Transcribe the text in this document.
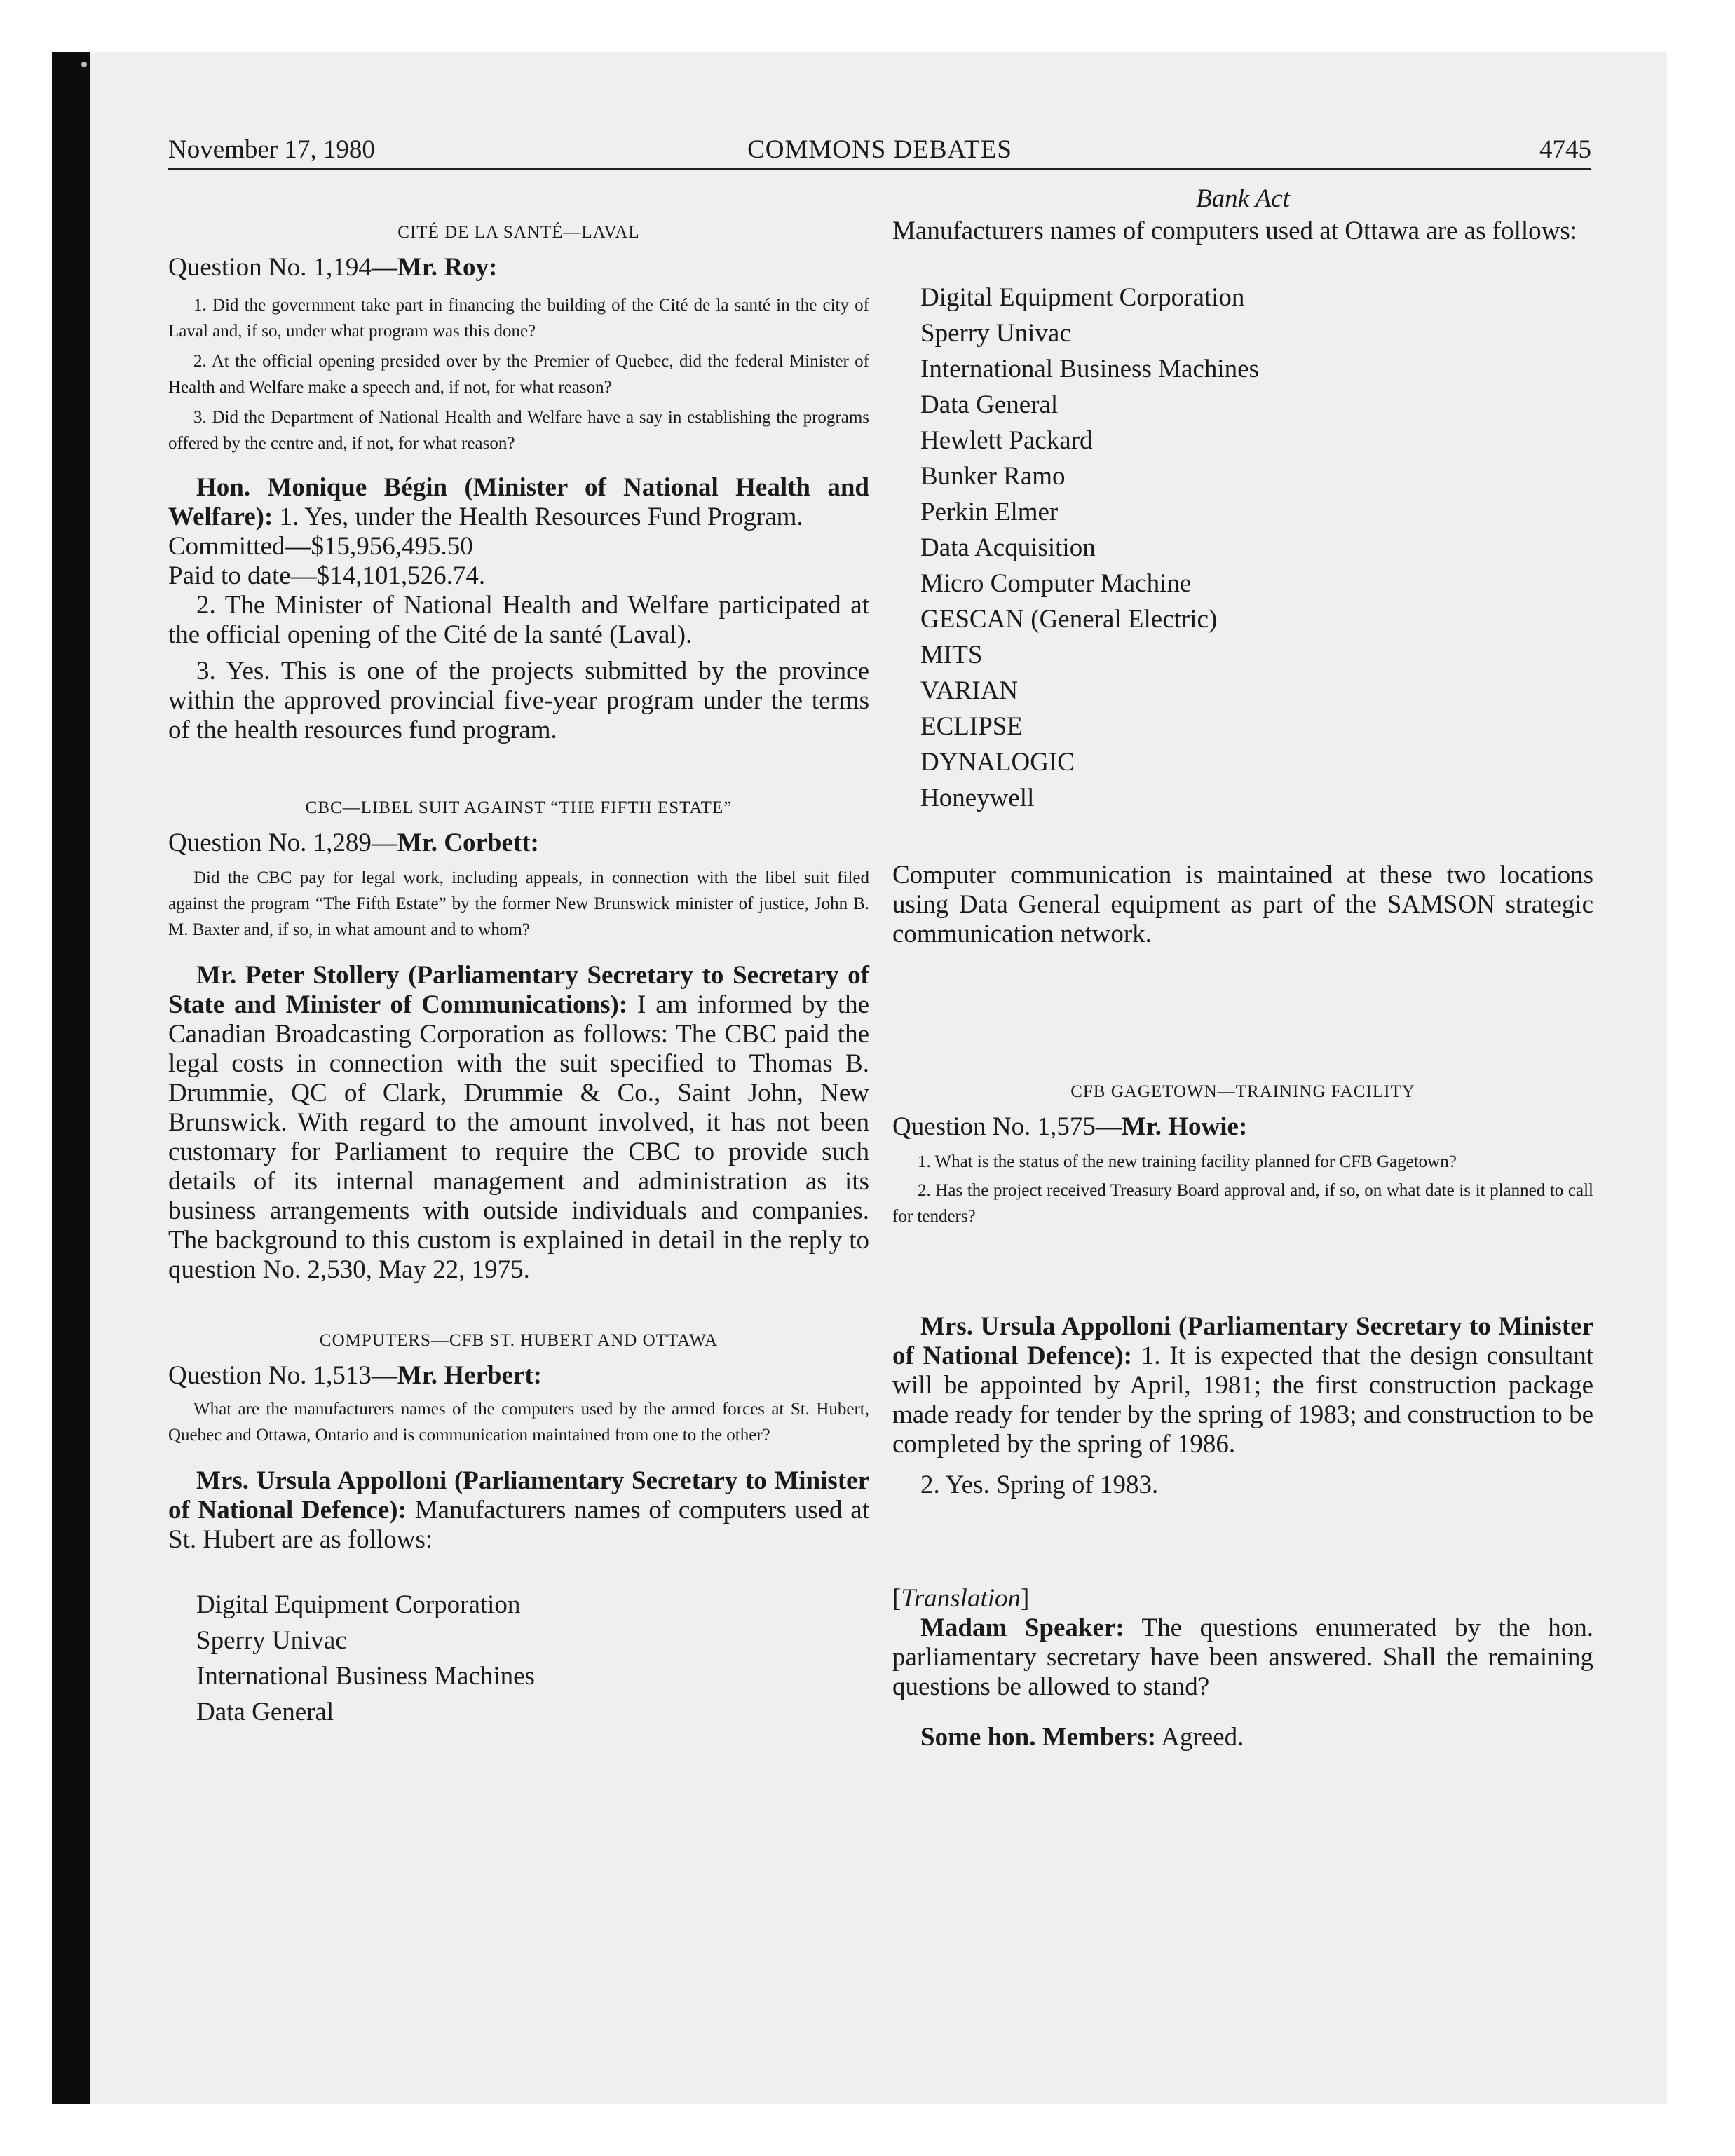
November 17, 1980	COMMONS DEBATES	4745

CITÉ DE LA SANTÉ—LAVAL

Question No. 1,194—Mr. Roy:

1. Did the government take part in financing the building of the Cité de la santé in the city of Laval and, if so, under what program was this done?

2. At the official opening presided over by the Premier of Quebec, did the federal Minister of Health and Welfare make a speech and, if not, for what reason?

3. Did the Department of National Health and Welfare have a say in establishing the programs offered by the centre and, if not, for what reason?

Hon. Monique Bégin (Minister of National Health and Welfare): 1. Yes, under the Health Resources Fund Program.

Committed—$15,956,495.50

Paid to date—$14,101,526.74.

2. The Minister of National Health and Welfare participated at the official opening of the Cité de la santé (Laval).

3. Yes. This is one of the projects submitted by the province within the approved provincial five-year program under the terms of the health resources fund program.

CBC—LIBEL SUIT AGAINST “THE FIFTH ESTATE”

Question No. 1,289—Mr. Corbett:

Did the CBC pay for legal work, including appeals, in connection with the libel suit filed against the program “The Fifth Estate” by the former New Brunswick minister of justice, John B. M. Baxter and, if so, in what amount and to whom?

Mr. Peter Stollery (Parliamentary Secretary to Secretary of State and Minister of Communications): I am informed by the Canadian Broadcasting Corporation as follows: The CBC paid the legal costs in connection with the suit specified to Thomas B. Drummie, QC of Clark, Drummie & Co., Saint John, New Brunswick. With regard to the amount involved, it has not been customary for Parliament to require the CBC to provide such details of its internal management and administration as its business arrangements with outside individuals and companies. The background to this custom is explained in detail in the reply to question No. 2,530, May 22, 1975.

COMPUTERS—CFB ST. HUBERT AND OTTAWA

Question No. 1,513—Mr. Herbert:

What are the manufacturers names of the computers used by the armed forces at St. Hubert, Quebec and Ottawa, Ontario and is communication maintained from one to the other?

Mrs. Ursula Appolloni (Parliamentary Secretary to Minister of National Defence): Manufacturers names of computers used at St. Hubert are as follows:

Digital Equipment Corporation
Sperry Univac
International Business Machines
Data General

Bank Act

Manufacturers names of computers used at Ottawa are as follows:

Digital Equipment Corporation
Sperry Univac
International Business Machines
Data General
Hewlett Packard
Bunker Ramo
Perkin Elmer
Data Acquisition
Micro Computer Machine
GESCAN (General Electric)
MITS
VARIAN
ECLIPSE
DYNALOGIC
Honeywell

Computer communication is maintained at these two locations using Data General equipment as part of the SAMSON strategic communication network.

CFB GAGETOWN—TRAINING FACILITY

Question No. 1,575—Mr. Howie:

1. What is the status of the new training facility planned for CFB Gagetown?

2. Has the project received Treasury Board approval and, if so, on what date is it planned to call for tenders?

Mrs. Ursula Appolloni (Parliamentary Secretary to Minister of National Defence): 1. It is expected that the design consultant will be appointed by April, 1981; the first construction package made ready for tender by the spring of 1983; and construction to be completed by the spring of 1986.

2. Yes. Spring of 1983.

[Translation]

Madam Speaker: The questions enumerated by the hon. parliamentary secretary have been answered. Shall the remaining questions be allowed to stand?

Some hon. Members: Agreed.
